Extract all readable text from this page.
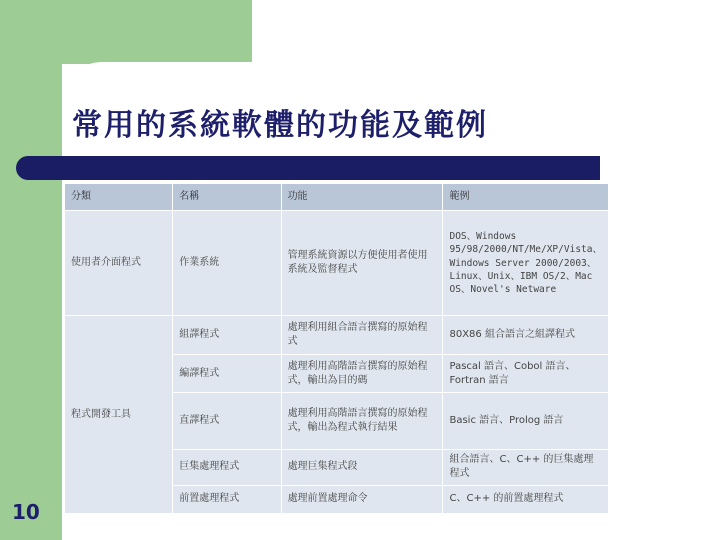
常用的系統軟體的功能及範例
分類	名稱	功能	範例
使用者介面程式	作業系統	管理系統資源以方便使用者使用系統及監督程式	DOS、Windows 95/98/2000/NT/Me/XP/Vista、Windows Server 2000/2003、Linux、Unix、IBM OS/2、Mac OS、Novel's Netware
程式開發工具	組譯程式	處理利用組合語言撰寫的原始程式	80X86 組合語言之組譯程式
	編譯程式	處理利用高階語言撰寫的原始程式，輸出為目的碼	Pascal 語言、Cobol 語言、Fortran 語言
	直譯程式	處理利用高階語言撰寫的原始程式，輸出為程式執行結果	Basic 語言、Prolog 語言
	巨集處理程式	處理巨集程式段	組合語言、C、C++ 的巨集處理程式
	前置處理程式	處理前置處理命令	C、C++ 的前置處理程式
10
